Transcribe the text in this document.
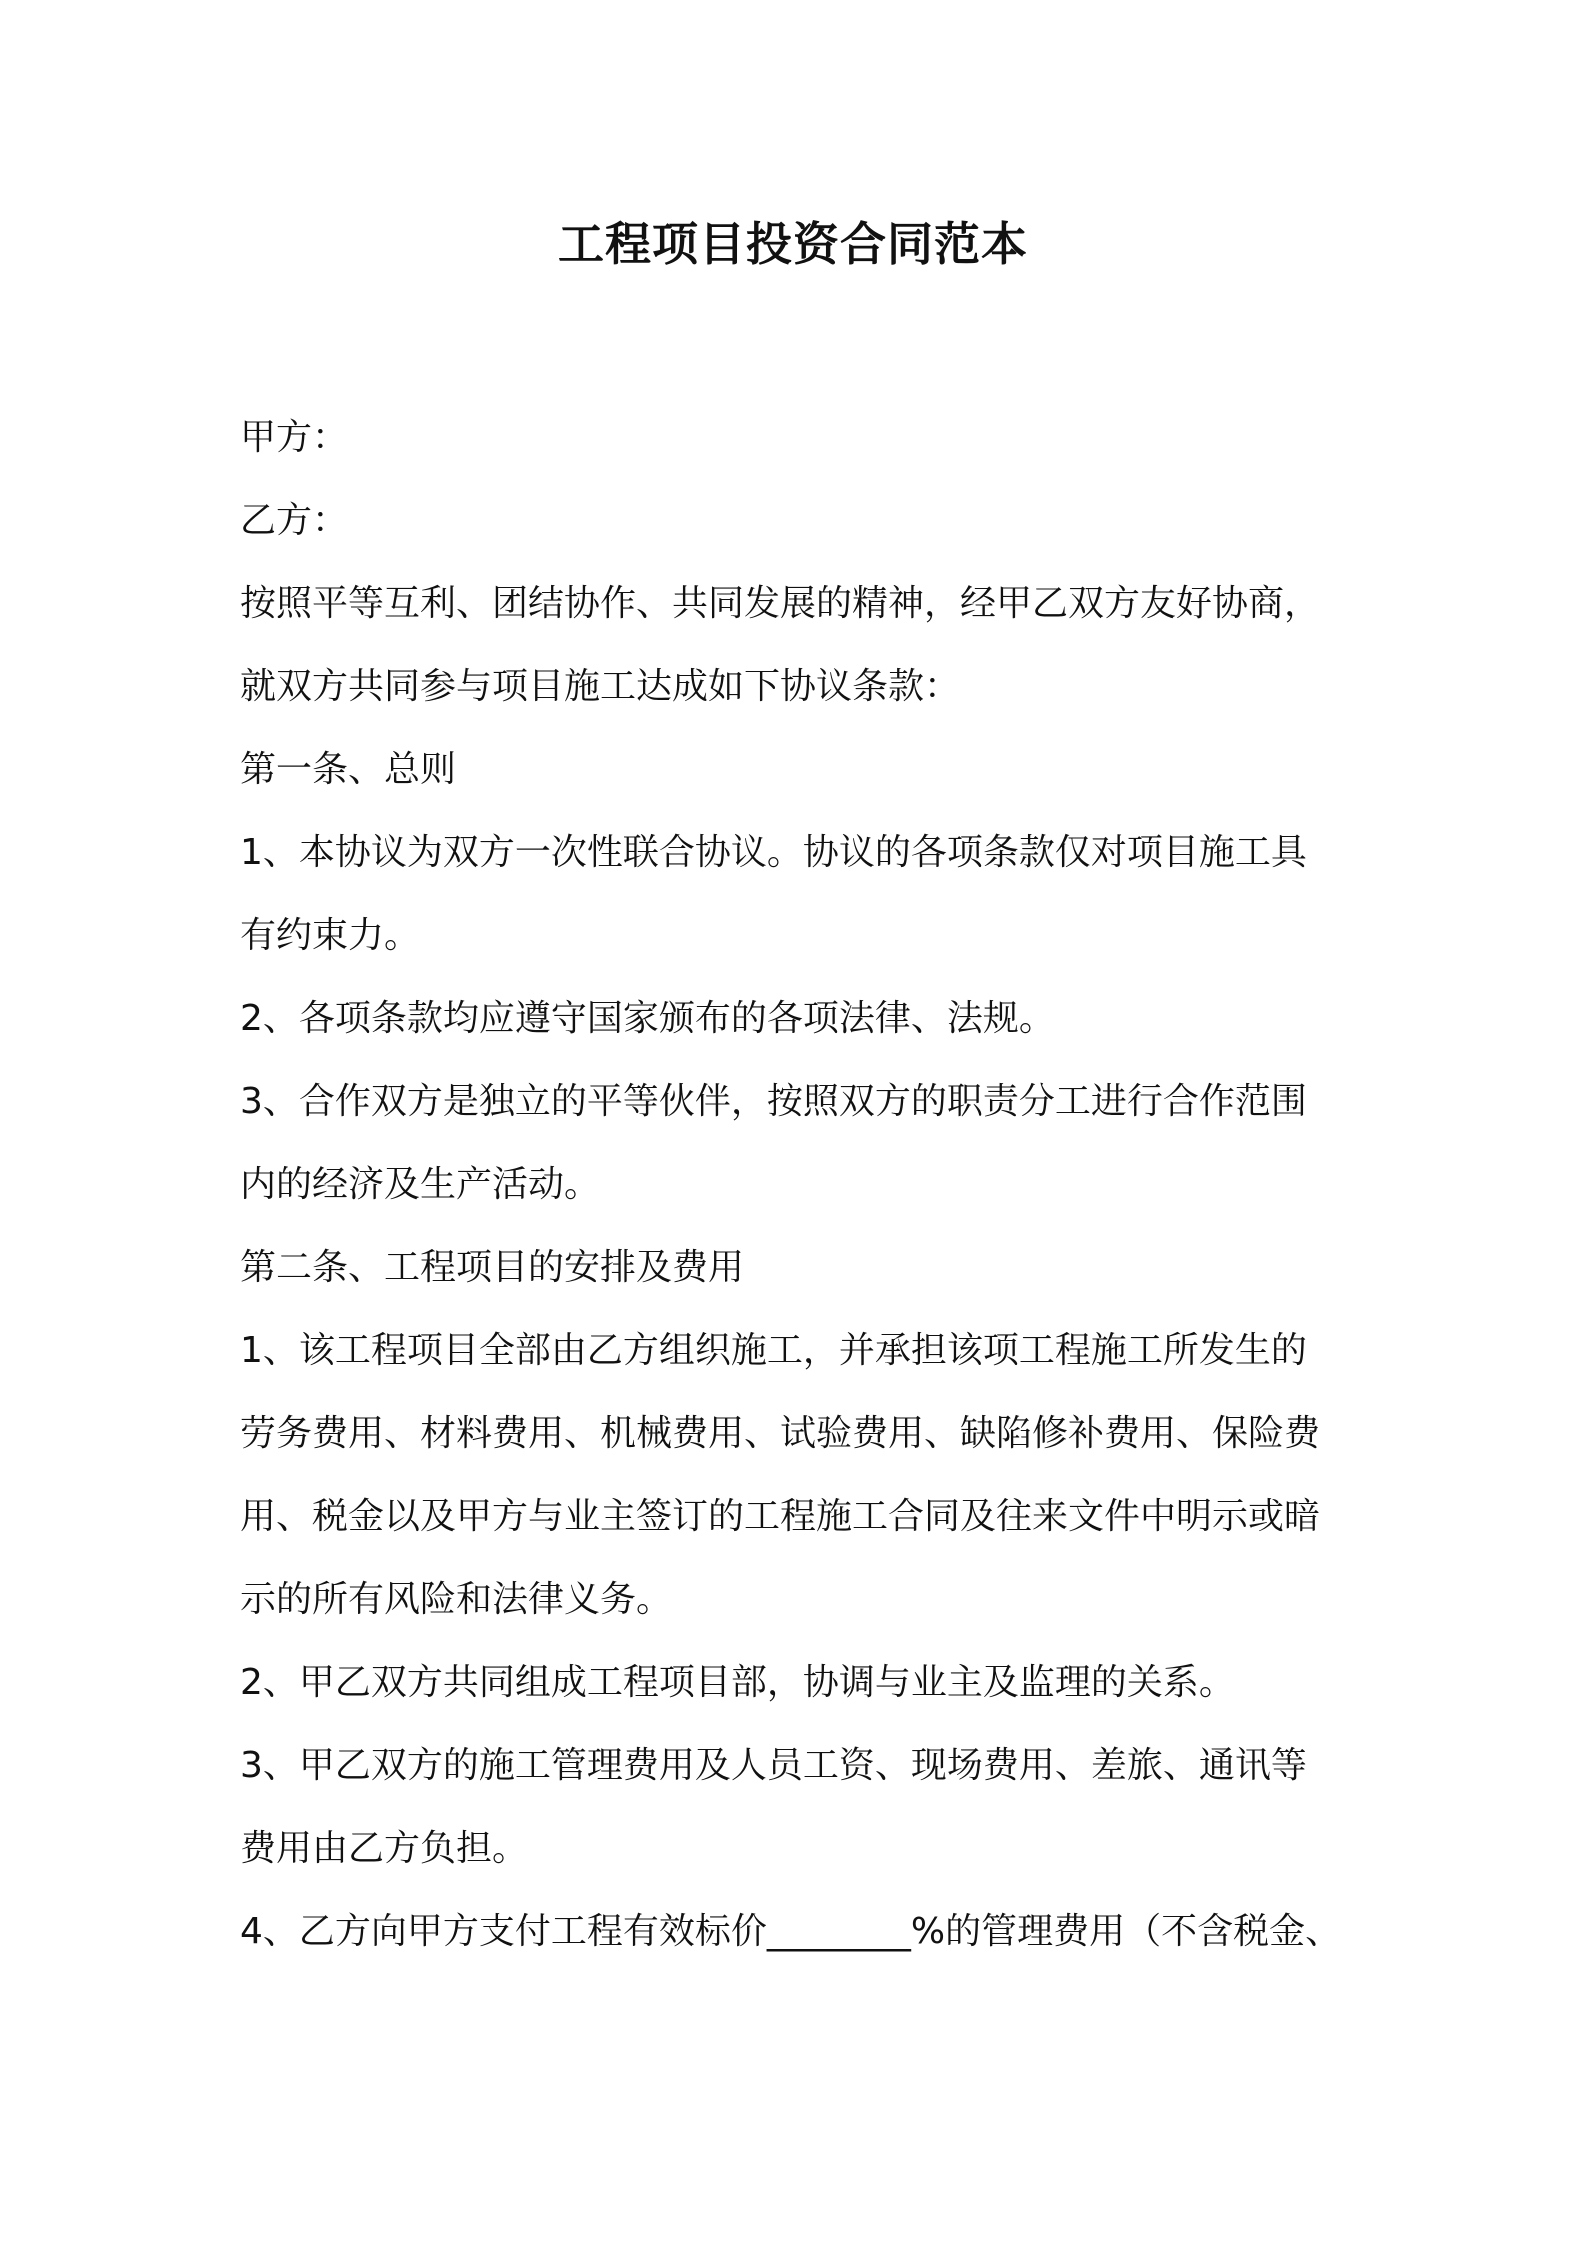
工程项目投资合同范本
甲方：
乙方：
按照平等互利、团结协作、共同发展的精神，经甲乙双方友好协商，
就双方共同参与项目施工达成如下协议条款：
第一条、总则
1、本协议为双方一次性联合协议。协议的各项条款仅对项目施工具
有约束力。
2、各项条款均应遵守国家颁布的各项法律、法规。
3、合作双方是独立的平等伙伴，按照双方的职责分工进行合作范围
内的经济及生产活动。
第二条、工程项目的安排及费用
1、该工程项目全部由乙方组织施工，并承担该项工程施工所发生的
劳务费用、材料费用、机械费用、试验费用、缺陷修补费用、保险费
用、税金以及甲方与业主签订的工程施工合同及往来文件中明示或暗
示的所有风险和法律义务。
2、甲乙双方共同组成工程项目部，协调与业主及监理的关系。
3、甲乙双方的施工管理费用及人员工资、现场费用、差旅、通讯等
费用由乙方负担。
4、乙方向甲方支付工程有效标价________%的管理费用（不含税金、
